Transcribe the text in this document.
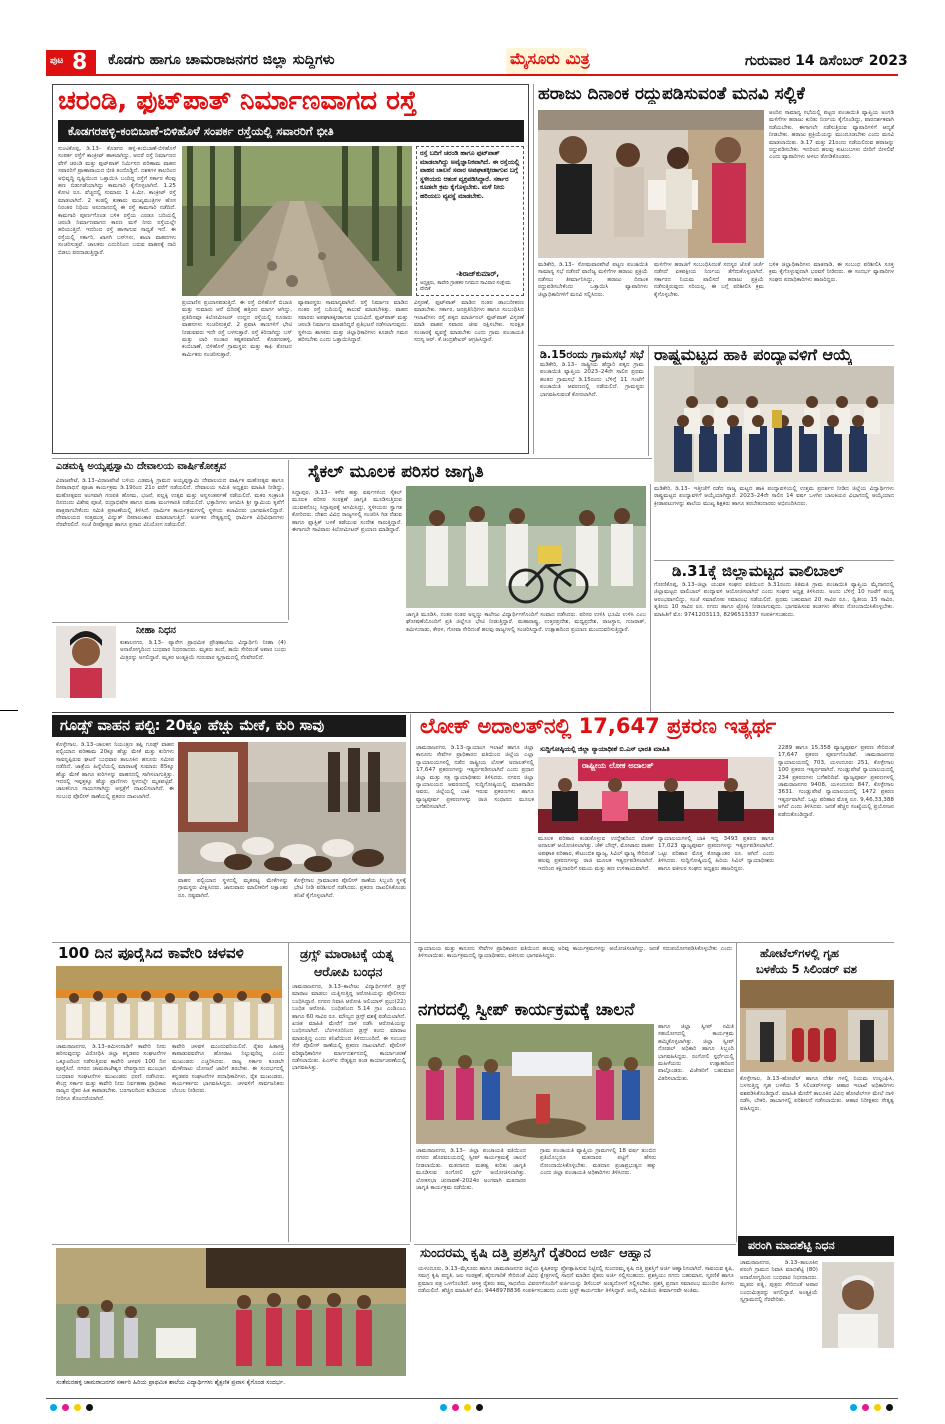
ಪುಟ 8 ಕೊಡಗು ಹಾಗೂ ಚಾಮರಾಜನಗರ ಜಿಲ್ಲಾ ಸುದ್ದಿಗಳು	ಮೈಸೂರು ಮಿತ್ರ	ಗುರುವಾರ 14 ಡಿಸೆಂಬರ್ 2023
ಚರಂಡಿ, ಫುಟ್‌ಪಾತ್ ನಿರ್ಮಾಣವಾಗದ ರಸ್ತೆ
ಕೊಡಗರಹಳ್ಳಿ-ಕಂಬಿಬಾಣೆ-ಬಿಳಿಹೊಳೆ ಸಂಪರ್ಕ ರಸ್ತೆಯಲ್ಲಿ ಸವಾರರಿಗೆ ಭೀತಿ
ಸುಂಟಿಕೊಪ್ಪ, ಡಿ.13– ಕೊಡಗರ ಹಳ್ಳಿ-ಕಂಬಿಬಾಣೆ-ಬಿಳಿಹೊಳೆ ಸಂಪರ್ಕ ರಸ್ತೆಗೆ ಕಾಂಕ್ರೀಟ್ ಹಾಕಲಾಗಿದ್ದು, ಆದರೆ ರಸ್ತೆ ನಿರ್ಮಾಣದ ವೇಳೆ ಚರಂಡಿ ಮತ್ತು ಫುಟ್‌ಪಾತ್ ನಿರ್ಮಿಸದ ಪರಿಣಾಮ ವಾಹನ ಸವಾರರಿಗೆ ಪ್ರಾಣಾಪಾಯದ ಭೀತಿ ತಂದೊಡ್ಡಿದೆ. ದಶಕಗಳ ಕಾಲದಿಂದ ಅಭಿವೃದ್ಧಿ ದೃಷ್ಟಿಯಿಂದ ಒತ್ತಾಯಿಸಿ ಬಂದಿದ್ದ ರಸ್ತೆಗೆ ಸರ್ಕಾರ ಕೆಲವು ಹಣ ಬಿಡುಗಡೆಯಾಗಿದ್ದು ಕಾಮಗಾರಿ ಕೈಗೊಳ್ಳಲಾಗಿದೆ. 1.25 ಕೋಟಿ ರೂ. ವೆಚ್ಚದಲ್ಲಿ ಸುಮಾರು 1 ಕಿ.ಮೀ. ಕಾಂಕ್ರೀಟ್ ರಸ್ತೆ ಮಾಡಲಾಗಿದೆ. 2 ಕಂಡಲ್ಲಿ ಕುಣಾರು ಮುಖ್ಯಮಂತ್ರಿಗಳ ಹೊಸ ನಿರಂತರ ನಿಧಿಯ ಅನುದಾನದಲ್ಲಿ ಈ ರಸ್ತೆ ಕಾಮಗಾರಿ ನಡೆದಿದೆ. ಕಾಮಗಾರಿ ಪೂರ್ಣಗೊಂಡ ಬಳಿಕ ರಸ್ತೆಯ ಎರಡೂ ಬದಿಯಲ್ಲಿ ಚರಂಡಿ ನಿರ್ಮಾಣವಾಗದ ಕಾರಣ ಮಳೆ ನೀರು ರಸ್ತೆಯಲ್ಲೇ ಹರಿಯುತ್ತಿದೆ. ಇದರಿಂದ ರಸ್ತೆ ಹಾಳಾಗುವ ಸಾಧ್ಯತೆ ಇದೆ. ಈ ರಸ್ತೆಯಲ್ಲಿ ಸರ್ಕಾರಿ, ಖಾಸಗಿ ಬಸ್‌ಗಳು, ಶಾಲಾ ವಾಹನಗಳು ಸಂಚರಿಸುತ್ತವೆ. ಚಾಲಕರು ಎದುರಿನಿಂದ ಬರುವ ವಾಹನಕ್ಕೆ ದಾರಿ ಬಿಡಲು ಪರದಾಡುತ್ತಿದ್ದಾರೆ.
ರಸ್ತೆ ಬದಿಗೆ ಚರಂಡಿ ಹಾಗೂ ಫುಟ್‌ಪಾತ್ ಮಾಡಲಾಗಿದ್ದು ಅವೈಜ್ಞಾನಿಕವಾಗಿದೆ. ಈ ರಸ್ತೆಯಲ್ಲಿ ವಾಹನ ಚಾಲನೆ ಸವಾರ ಅಪಘಾತಕ್ಕೀಡಾಗುವ ಬಗ್ಗೆ ಸ್ಥಳೀಯರು ಆತಂಕ ವ್ಯಕ್ತಪಡಿಸಿದ್ದಾರೆ. ಸರ್ಕಾರ ಕೂಡಲೇ ಕ್ರಮ ಕೈಗೊಳ್ಳಬೇಕು. ಮಳೆ ನೀರು ಹರಿಯಲು ವ್ಯವಸ್ಥೆ ಮಾಡಬೇಕು.
-ಶಿರಾಜ್‌ಕುಮಾರ್,
ಅಧ್ಯಕ್ಷರು, ಕಾವೇರಿ ಗ್ರಾಹಕರ ನಿಗಮದ ಸಾವಿರಾರ ಸಂಕ್ಷೇಮ ವೇದಿಕೆ
ಪ್ರಯಾಣಿಸ ಪ್ರಯಾಸಪಡುತ್ತಿದೆ. ಈ ರಸ್ತೆ ಬಿಳಿಹೊಳೆ ಬಿಬಾಜಿ ಮತ್ತು ಸುಮಾರು ಆನೆ ಬಿದಿರಕ್ಕೆ ಹತ್ತಿರದ ಮಾರ್ಗ ಆಗಿದ್ದು, ಪ್ರತಿದಿನವೂ ಕಿಲೋಮೀಟರ್ ಉದ್ದದ ರಸ್ತೆಯಲ್ಲಿ ನೂರಾರು ವಾಹನಗಳು ಸಂಚರಿಸುತ್ತವೆ. 2 ಪ್ರವಾಸಿ ತಾಣಗಳಿಗೆ ಭೇಟಿ ನೀಡುವವರು ಇದೇ ರಸ್ತೆ ಬಳಸುತ್ತಾರೆ. ರಸ್ತೆ ಕಿರಿದಾಗಿದ್ದು ಬಸ್ ಮತ್ತು ಲಾರಿ ಸಂಚಾರ ಕಷ್ಟಕರವಾಗಿದೆ. ಕೊಡಗರಹಳ್ಳಿ, ಕಂಬಿಬಾಣೆ, ಬಿಳಿಹೊಳೆ ಗ್ರಾಮಸ್ಥರು ಮತ್ತು ಕಾಫಿ ತೋಟದ ಕಾರ್ಮಿಕರು ಸಂಚರಿಸುತ್ತಾರೆ.
ವ್ಯಾಪಾರಸ್ಥರು ಸಾಮಾನ್ಯವಾಗಿದೆ. ರಸ್ತೆ ನಿರ್ಮಾಣ ಮಾಡಿದ ನಂತರ ರಸ್ತೆ ಬದಿಯಲ್ಲಿ ಕಾಲುವೆ ಮಾಡಬೇಕಿತ್ತು, ವಾಹನ ಸವಾರರು ಅಪಘಾತಕ್ಕೀಡಾಗುವ ಭಯವಿದೆ. ಫುಟ್‌ಪಾತ್ ಮತ್ತು ಚರಂಡಿ ನಿರ್ಮಾಣ ಮಾಡದಿದ್ದರೆ ಪ್ರತಿಭಟನೆ ನಡೆಸಲಾಗುವುದು. ಸ್ಥಳೀಯ ಶಾಸಕರು ಮತ್ತು ಜಿಲ್ಲಾಧಿಕಾರಿಗಳು ಕೂಡಲೇ ಗಮನ ಹರಿಸಬೇಕು ಎಂದು ಒತ್ತಾಯಿಸಿದ್ದಾರೆ.
ವಿಸ್ತರಣೆ, ಫುಟ್‌ಪಾತ್ ಮಾಡಿದ ನಂತರ ಡಾಂಬರೀಕರಣ ಮಾಡಬೇಕು. ಸರ್ಕಾರ, ಜನಪ್ರತಿನಿಧಿಗಳು ಹಾಗೂ ಸಂಬಂಧಿಸಿದ ಇಲಾಖೆಗಳು ರಸ್ತೆ ಪಕ್ಕದ ಮಾರ್ಜಿನಲ್ ಫುಟ್‌ಪಾತ್ ವಿಸ್ತರಣೆ ಮಾಡಿ ವಾಹನ ಸವಾರರ ಜೀವ ರಕ್ಷಿಸಬೇಕು. ಸುರಕ್ಷಿತ ಸಂಚಾರಕ್ಕೆ ವ್ಯವಸ್ಥೆ ಮಾಡಬೇಕು ಎಂದು ಗ್ರಾಮ ಪಂಚಾಯತಿ ಸದಸ್ಯ ಆರ್. ಕೆ.ಚಂದ್ರಶೇಖರ್ ಆಗ್ರಹಿಸಿದ್ದಾರೆ.
ಹರಾಜು ದಿನಾಂಕ ರದ್ದುಪಡಿಸುವಂತೆ ಮನವಿ ಸಲ್ಲಿಕೆ
ಆಂದಿನ ಸಾಮಾನ್ಯ ಸಭೆಯಲ್ಲಿ ಪಟ್ಟಣ ಪಂಚಾಯಿತಿ ವ್ಯಾಪ್ತಿಯ ಅಂಗಡಿ ಮಳಿಗೆಗಳ ಹರಾಜು ಕುರಿತು ನಿರ್ಣಯ ಕೈಗೊಂಡಿದ್ದು, ಪಾರದರ್ಶಕವಾಗಿ ನಡೆಯಬೇಕು. ಈಗಾಗಲೇ ನಡೆಸುತ್ತಿರುವ ವ್ಯಾಪಾರಿಗಳಿಗೆ ಆದ್ಯತೆ ನೀಡಬೇಕು. ಹರಾಜು ಪ್ರಕ್ರಿಯೆಯನ್ನು ಮುಂದೂಡಬೇಕು ಎಂದು ಮನವಿ ಮಾಡಲಾಯಿತು. ಡಿ.17 ಮತ್ತು 21ರಂದು ನಡೆಯಲಿರುವ ಹರಾಜನ್ನು ರದ್ದುಪಡಿಸಬೇಕು. ಇದರಿಂದ ಹಲವು ಕುಟುಂಬಗಳು ಬೀದಿಗೆ ಬೀಳಲಿವೆ ಎಂದು ವ್ಯಾಪಾರಿಗಳು ಅಳಲು ತೋಡಿಕೊಂಡರು.
ಮಡಿಕೇರಿ, ಡಿ.13– ಸೋಮವಾರಪೇಟೆ ಪಟ್ಟಣ ಪಂಚಾಯಿತಿ ಸಾಮಾನ್ಯ ಸಭೆ ನಡೆಸದೆ ವಾಣಿಜ್ಯ ಮಳಿಗೆಗಳ ಹರಾಜು ಪ್ರಕ್ರಿಯೆ ನಡೆಸಲು ತೀರ್ಮಾನಿಸಿದ್ದು, ಹರಾಜು ದಿನಾಂಕ ರದ್ದುಪಡಿಸಬೇಕೆಂದು ಒತ್ತಾಯಿಸಿ ವ್ಯಾಪಾರಿಗಳು ಜಿಲ್ಲಾಧಿಕಾರಿಗಳಿಗೆ ಮನವಿ ಸಲ್ಲಿಸಿದರು.
ಮಳಿಗೆಗಳ ಹರಾಜಿಗೆ ಸಂಬಂಧಿಸಿದಂತೆ ಸದಸ್ಯರ ಜೊತೆ ಚರ್ಚೆ ನಡೆಸದೆ ಏಕಪಕ್ಷೀಯ ನಿರ್ಣಯ ತೆಗೆದುಕೊಳ್ಳಲಾಗಿದೆ. ಸರ್ಕಾರದ ನಿಯಮ ಪಾಲಿಸದೆ ಹರಾಜು ಪ್ರಕ್ರಿಯೆ ನಡೆಸುತ್ತಿರುವುದು ಸರಿಯಲ್ಲ. ಈ ಬಗ್ಗೆ ಪರಿಶೀಲಿಸಿ ಕ್ರಮ ಕೈಗೊಳ್ಳಬೇಕು.
ಬಳಿಕ ಜಿಲ್ಲಾಧಿಕಾರಿಗಳು ಮಾತನಾಡಿ, ಈ ಸಂಬಂಧ ಪರಿಶೀಲಿಸಿ ಸೂಕ್ತ ಕ್ರಮ ಕೈಗೊಳ್ಳುವುದಾಗಿ ಭರವಸೆ ನೀಡಿದರು. ಈ ಸಂದರ್ಭ ವ್ಯಾಪಾರಿಗಳ ಸಂಘದ ಪದಾಧಿಕಾರಿಗಳು ಹಾಜರಿದ್ದರು.
ಡಿ.15ರಂದು ಗ್ರಾಮಸಭೆ ಸಭೆ
ಮಡಿಕೇರಿ, ಡಿ.13– ರಾಷ್ಟ್ರೀಯ ಹೆದ್ದಾರಿ ಪಕ್ಕದ ಗ್ರಾಮ ಪಂಚಾಯಿತಿ ವ್ಯಾಪ್ತಿಯ 2023–24ನೇ ಸಾಲಿನ ಪ್ರಥಮ ಹಂತದ ಗ್ರಾಮಸಭೆ ಡಿ.15ರಂದು ಬೆಳಿಗ್ಗೆ 11 ಗಂಟೆಗೆ ಪಂಚಾಯಿತಿ ಆವರಣದಲ್ಲಿ ನಡೆಯಲಿದೆ. ಗ್ರಾಮಸ್ಥರು ಭಾಗವಹಿಸುವಂತೆ ಕೋರಲಾಗಿದೆ.
ರಾಷ್ಟ್ರಮಟ್ಟದ ಹಾಕಿ ಪಂದ್ಯಾವಳಿಗೆ ಆಯ್ಕೆ
ಎಡಮಕ್ಕಿ ಅಯ್ಯಪ್ಪಸ್ವಾಮಿ ದೇವಾಲಯ ವಾರ್ಷಿಕೋತ್ಸವ
ವಿರಾಜಪೇಟೆ, ಡಿ.13–ವಿರಾಜಪೇಟೆ ಬಳಿಯ ಎಡಮಕ್ಕಿ ಗ್ರಾಮದ ಅಯ್ಯಪ್ಪಸ್ವಾಮಿ ದೇವಾಲಯದ ವಾರ್ಷಿಕ ಮಹೋತ್ಸವ ಹಾಗೂ ದೀಪಾರಾಧನೆ ಪೂಜಾ ಕಾರ್ಯಕ್ರಮ ಡಿ.19ರಿಂದ 21ರ ವರೆಗೆ ನಡೆಯಲಿದೆ. ದೇವಾಲಯ ಸಮಿತಿ ಅಧ್ಯಕ್ಷರು ಮಾಹಿತಿ ನೀಡಿದ್ದು, ಮಹೋತ್ಸವದ ಅಂಗವಾಗಿ ಗಣಪತಿ ಹೋಮ, ಭಜನೆ, ಪಲ್ಲಕ್ಕಿ ಉತ್ಸವ ಮತ್ತು ಅನ್ನಸಂತರ್ಪಣೆ ನಡೆಯಲಿದೆ. ಮಕರ ಸಂಕ್ರಾಂತಿ ದಿನದಂದು ವಿಶೇಷ ಪೂಜೆ, ರುದ್ರಾಭಿಷೇಕ ಹಾಗೂ ಮಹಾ ಮಂಗಳಾರತಿ ನಡೆಯಲಿದೆ. ಭಕ್ತಾದಿಗಳು ಆಗಮಿಸಿ ಶ್ರೀ ಸ್ವಾಮಿಯ ಕೃಪೆಗೆ ಪಾತ್ರರಾಗಬೇಕೆಂದು ಸಮಿತಿ ಪ್ರಕಟಣೆಯಲ್ಲಿ ತಿಳಿಸಿದೆ. ಧಾರ್ಮಿಕ ಕಾರ್ಯಕ್ರಮಗಳಲ್ಲಿ ಸ್ಥಳೀಯ ಕಲಾವಿದರು ಭಾಗವಹಿಸಲಿದ್ದಾರೆ. ದೇವಾಲಯದ ಸುತ್ತಮುತ್ತ ವಿದ್ಯುತ್ ದೀಪಾಲಂಕಾರ ಮಾಡಲಾಗುತ್ತಿದೆ. ಅರ್ಚಕರ ನೇತೃತ್ವದಲ್ಲಿ ಧಾರ್ಮಿಕ ವಿಧಿವಿಧಾನಗಳು ನೆರವೇರಲಿದೆ. ಸಂಜೆ ದೀಪೋತ್ಸವ ಹಾಗೂ ಪ್ರಸಾದ ವಿನಿಯೋಗ ನಡೆಯಲಿದೆ.
ನೀಹಾ ನಿಧನ
ಕುಶಾಲನಗರ, ಡಿ.13– ಪ್ಯಾರೇಗ ಪ್ರಾಥಮಿಕ ಪ್ರೌಢಶಾಲೆಯ ವಿದ್ಯಾರ್ಥಿನಿ ನೀಹಾ (4) ಅನಾರೋಗ್ಯದಿಂದ ಬುಧವಾರ ನಿಧನರಾದರು. ಮೃತರು ತಂದೆ, ತಾಯಿ ಸೇರಿದಂತೆ ಅಪಾರ ಬಂಧು ಮಿತ್ರರನ್ನು ಅಗಲಿದ್ದಾರೆ. ಮೃತರ ಅಂತ್ಯಕ್ರಿಯೆ ಗುರುವಾರ ಸ್ವಗ್ರಾಮದಲ್ಲಿ ನೆರವೇರಲಿದೆ.
ಸೈಕಲ್ ಮೂಲಕ ಪರಿಸರ ಜಾಗೃತಿ
ಸಿದ್ದಾಪುರ, ಡಿ.13– ಕಳೆದ ಹತ್ತು ವರ್ಷಗಳಿಂದ ಸೈಕಲ್ ಮೂಲಕ ಪರಿಸರ ಸಂರಕ್ಷಣೆ ಜಾಗೃತಿ ಮೂಡಿಸುತ್ತಿರುವ ಯುವಕನೊಬ್ಬ ಸಿದ್ದಾಪುರಕ್ಕೆ ಆಗಮಿಸಿದ್ದು, ಸ್ಥಳೀಯರು ಸ್ವಾಗತ ಕೋರಿದರು. ದೇಶದ ವಿವಿಧ ರಾಜ್ಯಗಳಲ್ಲಿ ಸಂಚರಿಸಿ ಗಿಡ ನೆಡುವ ಹಾಗೂ ಪ್ಲಾಸ್ಟಿಕ್ ಬಳಕೆ ತಡೆಯುವ ಸಂದೇಶ ಸಾರುತ್ತಿದ್ದಾರೆ. ಈಗಾಗಲೇ ಸಾವಿರಾರು ಕಿಲೋಮೀಟರ್ ಪ್ರಯಾಣ ಮಾಡಿದ್ದಾರೆ.
ಜಾಗೃತಿ ಮೂಡಿಸಿ, ನಂತರ ನಂತರ ಅಲ್ಲದ್ದು ಕಾಲೇಜು ವಿದ್ಯಾರ್ಥಿಗಳೊಂದಿಗೆ ಸಂವಾದ ನಡೆಸಿದರು. ಪರಿಸರ ಉಳಿಸಿ ಭೂಮಿ ಉಳಿಸಿ ಎಂಬ ಘೋಷಣೆಯೊಂದಿಗೆ ಪ್ರತಿ ಜಿಲ್ಲೆಗೂ ಭೇಟಿ ನೀಡುತ್ತಿದ್ದಾರೆ. ಮಹಾರಾಷ್ಟ್ರ, ಉತ್ತರಪ್ರದೇಶ, ಮಧ್ಯಪ್ರದೇಶ, ರಾಜಸ್ಥಾನ, ಗುಜರಾತ್, ತಮಿಳುನಾಡು, ಕೇರಳ, ಗೋವಾ ಸೇರಿದಂತೆ ಹಲವು ರಾಜ್ಯಗಳಲ್ಲಿ ಸಂಚರಿಸಿದ್ದಾರೆ. ಉತ್ಸಾಹದಿಂದ ಪ್ರಯಾಣ ಮುಂದುವರಿಸುತ್ತಿದ್ದಾರೆ.
ಮಡಿಕೇರಿ, ಡಿ.13– ಇತ್ತೀಚೆಗೆ ನಡೆದ ರಾಜ್ಯ ಮಟ್ಟದ ಹಾಕಿ ಪಂದ್ಯಾವಳಿಯಲ್ಲಿ ಉತ್ತಮ ಪ್ರದರ್ಶನ ನೀಡಿದ ಜಿಲ್ಲೆಯ ವಿದ್ಯಾರ್ಥಿಗಳು ರಾಷ್ಟ್ರಮಟ್ಟದ ಪಂದ್ಯಾವಳಿಗೆ ಆಯ್ಕೆಯಾಗಿದ್ದಾರೆ. 2023–24ನೇ ಸಾಲಿನ 14 ವರ್ಷ ಒಳಗಿನ ಬಾಲಕಿಯರ ವಿಭಾಗದಲ್ಲಿ ಆಯ್ಕೆಯಾದ ಕ್ರೀಡಾಪಟುಗಳನ್ನು ಶಾಲೆಯ ಮುಖ್ಯ ಶಿಕ್ಷಕರು ಹಾಗೂ ತರಬೇತುದಾರರು ಅಭಿನಂದಿಸಿದರು.
ಡಿ.31ಕ್ಕೆ ಜಿಲ್ಲಾಮಟ್ಟದ ವಾಲಿಬಾಲ್
ಗೋಣಿಕೊಪ್ಪ, ಡಿ.13–ಜಿಲ್ಲಾ ಯುವಕ ಸಂಘದ ವತಿಯಿಂದ ಡಿ.31ರಂದು ತಿತಿಮತಿ ಗ್ರಾಮ ಪಂಚಾಯಿತಿ ವ್ಯಾಪ್ತಿಯ ಮೈದಾನದಲ್ಲಿ ಜಿಲ್ಲಾಮಟ್ಟದ ವಾಲಿಬಾಲ್ ಪಂದ್ಯಾವಳಿ ಆಯೋಜಿಸಲಾಗಿದೆ ಎಂದು ಸಂಘದ ಅಧ್ಯಕ್ಷ ತಿಳಿಸಿದರು. ಅಂದು ಬೆಳಿಗ್ಗೆ 10 ಗಂಟೆಗೆ ಪಂದ್ಯ ಆರಂಭವಾಗಲಿದ್ದು, ಸಂಜೆ ಸಮಾರೋಪ ಸಮಾರಂಭ ನಡೆಯಲಿದೆ. ಪ್ರಥಮ ಬಹುಮಾನ 20 ಸಾವಿರ ರೂ., ದ್ವಿತೀಯ 15 ಸಾವಿರ, ತೃತೀಯ 10 ಸಾವಿರ ರೂ. ನಗದು ಹಾಗೂ ಟ್ರೋಫಿ ನೀಡಲಾಗುವುದು. ಭಾಗವಹಿಸುವ ತಂಡಗಳು ಹೆಸರು ನೋಂದಾಯಿಸಿಕೊಳ್ಳಬೇಕು. ಮಾಹಿತಿಗೆ ಮೊ: 9741203113, 8296513337 ಸಂಪರ್ಕಿಸಬಹುದು.
ಗೂಡ್ಸ್ ವಾಹನ ಪಲ್ಟಿ: 20ಕ್ಕೂ ಹೆಚ್ಚು ಮೇಕೆ, ಕುರಿ ಸಾವು
ಕೊಳ್ಳೇಗಾಲ, ಡಿ.13–ಚಾಲಕನ ನಿಯಂತ್ರಣ ತಪ್ಪಿ ಗೂಡ್ಸ್ ವಾಹನ ಪಲ್ಟಿಯಾದ ಪರಿಣಾಮ 20ಕ್ಕೂ ಹೆಚ್ಚು ಮೇಕೆ ಮತ್ತು ಕುರಿಗಳು ಸಾವನ್ನಪ್ಪಿರುವ ಘಟನೆ ಬುಧವಾರ ತಾಲೂಕಿನ ಹನೂರು ಸಮೀಪ ನಡೆದಿದೆ. ಜಾತ್ರೆಯ ಹಿನ್ನೆಲೆಯಲ್ಲಿ ಮಾರಾಟಕ್ಕೆ ಸುಮಾರು 85ಕ್ಕೂ ಹೆಚ್ಚು ಮೇಕೆ ಹಾಗೂ ಕುರಿಗಳನ್ನು ವಾಹನದಲ್ಲಿ ಸಾಗಿಸಲಾಗುತ್ತಿತ್ತು. ಇದರಲ್ಲಿ ಇಪ್ಪತ್ತಕ್ಕೂ ಹೆಚ್ಚು ಪ್ರಾಣಿಗಳು ಸ್ಥಳದಲ್ಲೇ ಮೃತಪಟ್ಟಿವೆ. ಚಾಲಕನಿಗೂ ಗಾಯಗಳಾಗಿದ್ದು ಆಸ್ಪತ್ರೆಗೆ ದಾಖಲಿಸಲಾಗಿದೆ. ಈ ಸಂಬಂಧ ಪೊಲೀಸ್ ಠಾಣೆಯಲ್ಲಿ ಪ್ರಕರಣ ದಾಖಲಾಗಿದೆ.
ವಾಹನ ಪಲ್ಟಿಯಾದ ಸ್ಥಳದಲ್ಲಿ ಮೃತಪಟ್ಟ ಮೇಕೆಗಳನ್ನು ಗ್ರಾಮಸ್ಥರು ವೀಕ್ಷಿಸಿದರು. ಜಾನುವಾರು ಮಾಲೀಕರಿಗೆ ಲಕ್ಷಾಂತರ ರೂ. ನಷ್ಟವಾಗಿದೆ.
ಕೊಳ್ಳೇಗಾಲ ಗ್ರಾಮಾಂತರ ಪೊಲೀಸ್ ಠಾಣೆಯ ಸಿಬ್ಬಂದಿ ಸ್ಥಳಕ್ಕೆ ಭೇಟಿ ನೀಡಿ ಪರಿಶೀಲನೆ ನಡೆಸಿದರು. ಪ್ರಕರಣ ದಾಖಲಿಸಿಕೊಂಡು ತನಿಖೆ ಕೈಗೊಳ್ಳಲಾಗಿದೆ.
ಲೋಕ್ ಅದಾಲತ್‌ನಲ್ಲಿ 17,647 ಪ್ರಕರಣ ಇತ್ಯರ್ಥ
ಚಾಮರಾಜನಗರ, ಡಿ.13–ನ್ಯಾಯಾಂಗ ಇಲಾಖೆ ಹಾಗೂ ಜಿಲ್ಲಾ ಕಾನೂನು ಸೇವೆಗಳ ಪ್ರಾಧಿಕಾರದ ವತಿಯಿಂದ ಜಿಲ್ಲೆಯ ಎಲ್ಲಾ ನ್ಯಾಯಾಲಯಗಳಲ್ಲಿ ನಡೆದ ರಾಷ್ಟ್ರೀಯ ಲೋಕ್ ಅದಾಲತ್‌ನಲ್ಲಿ 17,647 ಪ್ರಕರಣಗಳನ್ನು ಇತ್ಯರ್ಥಪಡಿಸಲಾಗಿದೆ ಎಂದು ಪ್ರಧಾನ ಜಿಲ್ಲಾ ಮತ್ತು ಸತ್ರ ನ್ಯಾಯಾಧೀಶರು ತಿಳಿಸಿದರು. ನಗರದ ಜಿಲ್ಲಾ ನ್ಯಾಯಾಲಯದ ಆವರಣದಲ್ಲಿ ಸುದ್ದಿಗೋಷ್ಠಿಯಲ್ಲಿ ಮಾತನಾಡಿದ ಅವರು, ಜಿಲ್ಲೆಯಲ್ಲಿ ಬಾಕಿ ಇರುವ ಪ್ರಕರಣಗಳು ಹಾಗೂ ವ್ಯಾಜ್ಯಪೂರ್ವ ಪ್ರಕರಣಗಳನ್ನು ರಾಜಿ ಸಂಧಾನದ ಮೂಲಕ ಬಗೆಹರಿಸಲಾಗಿದೆ.
ಸುದ್ದಿಗೋಷ್ಠಿಯಲ್ಲಿ ಜಿಲ್ಲಾ ನ್ಯಾಯಾಧೀಶೆ ಬಿ.ಎಸ್ ಭಾರತಿ ಮಾಹಿತಿ
ರಾಷ್ಟ್ರೀಯ ಲೋಕ ಅದಾಲತ್
ಮೂಲಕ ಪರಿಹಾರ ಕಂಡುಕೊಳ್ಳುವ ಉದ್ದೇಶದಿಂದ ಲೋಕ್ ಅದಾಲತ್ ಆಯೋಜಿಸಲಾಗಿತ್ತು. ಚೆಕ್ ಬೌನ್ಸ್, ಮೋಟಾರು ವಾಹನ ಅಪಘಾತ ಪರಿಹಾರ, ಕೌಟುಂಬಿಕ ವ್ಯಾಜ್ಯ, ಸಿವಿಲ್ ವ್ಯಾಜ್ಯ ಸೇರಿದಂತೆ ಹಲವು ಪ್ರಕರಣಗಳನ್ನು ರಾಜಿ ಮೂಲಕ ಇತ್ಯರ್ಥಪಡಿಸಲಾಗಿದೆ. ಇದರಿಂದ ಕಕ್ಷಿದಾರರಿಗೆ ಸಮಯ ಮತ್ತು ಹಣ ಉಳಿತಾಯವಾಗಿದೆ.
ನ್ಯಾಯಾಲಯಗಳಲ್ಲಿ ಬಾಕಿ ಇದ್ದ 3493 ಪ್ರಕರಣ ಹಾಗೂ 17,023 ವ್ಯಾಜ್ಯಪೂರ್ವ ಪ್ರಕರಣಗಳನ್ನು ಇತ್ಯರ್ಥಪಡಿಸಲಾಗಿದೆ. ಒಟ್ಟು ಪರಿಹಾರ ಮೊತ್ತ ಕೋಟ್ಯಾಂತರ ರೂ. ಆಗಿದೆ ಎಂದು ತಿಳಿಸಿದರು. ಸುದ್ದಿಗೋಷ್ಠಿಯಲ್ಲಿ ಹಿರಿಯ ಸಿವಿಲ್ ನ್ಯಾಯಾಧೀಶರು ಹಾಗೂ ವಕೀಲರ ಸಂಘದ ಅಧ್ಯಕ್ಷರು ಹಾಜರಿದ್ದರು.
2289 ಹಾಗೂ 15,358 ವ್ಯಾಜ್ಯಪೂರ್ವ ಪ್ರಕರಣ ಸೇರಿದಂತೆ 17,647 ಪ್ರಕರಣ ಪೂರ್ಣಗೊಂಡಿವೆ. ಚಾಮರಾಜನಗರ ನ್ಯಾಯಾಲಯದಲ್ಲಿ 703, ಯಳಂದೂರು 251, ಕೊಳ್ಳೇಗಾಲ 100 ಪ್ರಕರಣ ಇತ್ಯರ್ಥವಾಗಿದೆ. ಗುಂಡ್ಲುಪೇಟೆ ನ್ಯಾಯಾಲಯದಲ್ಲಿ 234 ಪ್ರಕರಣಗಳು ಬಗೆಹರಿದಿವೆ. ವ್ಯಾಜ್ಯಪೂರ್ವ ಪ್ರಕರಣಗಳಲ್ಲಿ ಚಾಮರಾಜನಗರ 9408, ಯಳಂದೂರು 847, ಕೊಳ್ಳೇಗಾಲ 3631. ಗುಂಡ್ಲುಪೇಟೆ ನ್ಯಾಯಾಲಯದಲ್ಲಿ 1472 ಪ್ರಕರಣ ಇತ್ಯರ್ಥವಾಗಿದೆ. ಒಟ್ಟು ಪರಿಹಾರ ಮೊತ್ತ ರೂ. 9,46,33,388 ಆಗಿದೆ ಎಂದು ತಿಳಿಸಿದರು. ಜನತೆ ಹೆಚ್ಚಿನ ಸಂಖ್ಯೆಯಲ್ಲಿ ಪ್ರಯೋಜನ ಪಡೆದುಕೊಂಡಿದ್ದಾರೆ.
100 ದಿನ ಪೂರೈಸಿದ ಕಾವೇರಿ ಚಳವಳಿ
ಚಾಮರಾಜನಗರ, ಡಿ.13–ತಮಿಳುನಾಡಿಗೆ ಕಾವೇರಿ ನೀರು ಹರಿಸುವುದನ್ನು ವಿರೋಧಿಸಿ ಜಿಲ್ಲಾ ಕನ್ನಡಪರ ಸಂಘಟನೆಗಳ ಒಕ್ಕೂಟದಿಂದ ನಡೆಸುತ್ತಿರುವ ಕಾವೇರಿ ಚಳವಳಿ 100 ದಿನ ಪೂರೈಸಿದೆ. ನಗರದ ಚಾಮರಾಜೇಶ್ವರ ದೇವಸ್ಥಾನದ ಮುಂಭಾಗ ಬುಧವಾರ ಸಂಘಟನೆಗಳ ಮುಖಂಡರು ಧರಣಿ ನಡೆಸಿದರು. ಕೇಂದ್ರ ಸರ್ಕಾರ ಮತ್ತು ಕಾವೇರಿ ನೀರು ನಿರ್ವಹಣಾ ಪ್ರಾಧಿಕಾರ ರಾಜ್ಯದ ರೈತರ ಹಿತ ಕಾಪಾಡಬೇಕು. ಬರಗಾಲದಿಂದ ಕುಡಿಯುವ ನೀರಿಗೂ ತೊಂದರೆಯಾಗಿದೆ.
ಕಾವೇರಿ ಚಳವಳಿ ಮುಂದುವರಿಯಲಿದೆ. ರೈತರ ಹಿತಾಸಕ್ತಿ ಕಾಪಾಡುವವರೆಗೂ ಹೋರಾಟ ನಿಲ್ಲುವುದಿಲ್ಲ ಎಂದು ಮುಖಂಡರು ಎಚ್ಚರಿಸಿದರು. ರಾಜ್ಯ ಸರ್ಕಾರ ಕೂಡಲೇ ಮೇಕೆದಾಟು ಯೋಜನೆ ಜಾರಿಗೆ ತರಬೇಕು. ಈ ಸಂದರ್ಭದಲ್ಲಿ ಕನ್ನಡಪರ ಸಂಘಟನೆಗಳ ಪದಾಧಿಕಾರಿಗಳು, ರೈತ ಮುಖಂಡರು, ಕಾರ್ಯಕರ್ತರು ಭಾಗವಹಿಸಿದ್ದರು. ಚಳವಳಿಗೆ ಸಾರ್ವಜನಿಕರು ಬೆಂಬಲ ನೀಡಿದರು.
ಡ್ರಗ್ಸ್ ಮಾರಾಟಕ್ಕೆ ಯತ್ನ
ಆರೋಪಿ ಬಂಧನ
ಚಾಮರಾಜನಗರ, ಡಿ.13–ಕಾಲೇಜು ವಿದ್ಯಾರ್ಥಿಗಳಿಗೆ ಡ್ರಗ್ಸ್ ಮಾರಾಟ ಮಾಡಲು ಯತ್ನಿಸುತ್ತಿದ್ದ ಆರೋಪಿಯನ್ನು ಪೊಲೀಸರು ಬಂಧಿಸಿದ್ದಾರೆ. ನಗರದ ನಿವಾಸಿ ಆರೋಪಿ ಅಲಿಯಾಸ್ ಪ್ರಭು(22) ಬಂಧಿತ ಆರೋಪಿ. ಬಂಧಿತನಿಂದ 5.14 ಗ್ರಾಂ ಎಂಡಿಎಂಎ ಹಾಗೂ 60 ಸಾವಿರ ರೂ. ಮೌಲ್ಯದ ಡ್ರಗ್ಸ್ ವಶಕ್ಕೆ ಪಡೆಯಲಾಗಿದೆ. ಖಚಿತ ಮಾಹಿತಿ ಮೇರೆಗೆ ದಾಳಿ ನಡೆಸಿ ಆರೋಪಿಯನ್ನು ಬಂಧಿಸಲಾಗಿದೆ. ಬೆಂಗಳೂರಿನಿಂದ ಡ್ರಗ್ಸ್ ತಂದು ಮಾರಾಟ ಮಾಡುತ್ತಿದ್ದ ಎಂದು ತನಿಖೆಯಿಂದ ತಿಳಿದುಬಂದಿದೆ. ಈ ಸಂಬಂಧ ಸೆನ್ ಪೊಲೀಸ್ ಠಾಣೆಯಲ್ಲಿ ಪ್ರಕರಣ ದಾಖಲಾಗಿದೆ. ಪೊಲೀಸ್ ವರಿಷ್ಠಾಧಿಕಾರಿಗಳ ಮಾರ್ಗದರ್ಶನದಲ್ಲಿ ಕಾರ್ಯಾಚರಣೆ ನಡೆಸಲಾಯಿತು. ಪಿಎಸ್‌ಐ ನೇತೃತ್ವದ ತಂಡ ಕಾರ್ಯಾಚರಣೆಯಲ್ಲಿ ಭಾಗವಹಿಸಿತ್ತು.
ನಗರದಲ್ಲಿ ಸ್ವೀಪ್ ಕಾರ್ಯಕ್ರಮಕ್ಕೆ ಚಾಲನೆ
ನ್ಯಾಯಾಲಯ ಮತ್ತು ಕಾನೂನು ಸೇವೆಗಳ ಪ್ರಾಧಿಕಾರದ ವತಿಯಿಂದ ಹಲವು ಅರಿವು ಕಾರ್ಯಕ್ರಮಗಳನ್ನು ಆಯೋಜಿಸಲಾಗಿದ್ದು, ಜನತೆ ಸದುಪಯೋಗಪಡಿಸಿಕೊಳ್ಳಬೇಕು ಎಂದು ತಿಳಿಸಲಾಯಿತು. ಕಾರ್ಯಕ್ರಮದಲ್ಲಿ ನ್ಯಾಯಾಧೀಶರು, ವಕೀಲರು ಭಾಗವಹಿಸಿದ್ದರು.
ಚಾಮರಾಜನಗರ, ಡಿ.13– ಜಿಲ್ಲಾ ಪಂಚಾಯತಿ ವತಿಯಿಂದ ನಗರದ ಹೊರವಲಯದಲ್ಲಿ ಸ್ವೀಪ್ ಕಾರ್ಯಕ್ರಮಕ್ಕೆ ಚಾಲನೆ ನೀಡಲಾಯಿತು. ಮತದಾನದ ಮಹತ್ವ ಕುರಿತು ಜಾಗೃತಿ ಮೂಡಿಸುವ ರಂಗೋಲಿ ಸ್ಪರ್ಧೆ ಆಯೋಜಿಸಲಾಗಿತ್ತು. ಲೋಕಸಭಾ ಚುನಾವಣೆ–2024ರ ಅಂಗವಾಗಿ ಮತದಾರರ ಜಾಗೃತಿ ಕಾರ್ಯಕ್ರಮ ನಡೆಯಿತು.
ಗ್ರಾಮ ಪಂಚಾಯತಿ ವ್ಯಾಪ್ತಿಯ ಗ್ರಾಮಗಳಲ್ಲಿ 18 ವರ್ಷ ತುಂಬಿದ ಪ್ರತಿಯೊಬ್ಬರೂ ಮತದಾರರ ಪಟ್ಟಿಗೆ ಹೆಸರು ನೋಂದಾಯಿಸಿಕೊಳ್ಳಬೇಕು. ಮತದಾನ ಪ್ರಜಾಪ್ರಭುತ್ವದ ಹಕ್ಕು ಎಂದು ಜಿಲ್ಲಾ ಪಂಚಾಯತಿ ಅಧಿಕಾರಿಗಳು ತಿಳಿಸಿದರು.
ಹಾಗೂ ಜಿಲ್ಲಾ ಸ್ವೀಪ್ ಸಮಿತಿ ಸಹಯೋಗದಲ್ಲಿ ಕಾರ್ಯಕ್ರಮ ಹಮ್ಮಿಕೊಳ್ಳಲಾಗಿತ್ತು. ಜಿಲ್ಲಾ ಸ್ವೀಪ್ ನೋಡಲ್ ಅಧಿಕಾರಿ ಹಾಗೂ ಸಿಬ್ಬಂದಿ ಭಾಗವಹಿಸಿದ್ದರು. ರಂಗೋಲಿ ಸ್ಪರ್ಧೆಯಲ್ಲಿ ಮಹಿಳೆಯರು ಉತ್ಸಾಹದಿಂದ ಪಾಲ್ಗೊಂಡರು. ವಿಜೇತರಿಗೆ ಬಹುಮಾನ ವಿತರಿಸಲಾಯಿತು.
ಹೋಟೆಲ್‌ಗಳಲ್ಲಿ ಗೃಹ
ಬಳಕೆಯ 5 ಸಿಲಿಂಡರ್ ವಶ
ಕೊಳ್ಳೇಗಾಲ, ಡಿ.13–ಹೋಟೆಲ್ ಹಾಗೂ ದೇಶೀ ಗಳಲ್ಲಿ ನಿಯಮ ಉಲ್ಲಂಘಿಸಿ, ಬಳಸುತ್ತಿದ್ದ ಗೃಹ ಬಳಕೆಯ 5 ಸಿಲಿಂಡರ್‌ಗಳನ್ನು ಆಹಾರ ಇಲಾಖೆ ಅಧಿಕಾರಿಗಳು ವಶಪಡಿಸಿಕೊಂಡಿದ್ದಾರೆ. ಮಾಹಿತಿ ಮೇರೆಗೆ ತಾಲೂಕಿನ ವಿವಿಧ ಹೋಟೆಲ್‌ಗಳ ಮೇಲೆ ದಾಳಿ ನಡೆಸಿ, ಬೇಕರಿ, ಡಾಬಾಗಳಲ್ಲಿ ಪರಿಶೀಲನೆ ನಡೆಸಲಾಯಿತು. ಆಹಾರ ನಿರೀಕ್ಷಕರು ನೇತೃತ್ವ ವಹಿಸಿದ್ದರು.
ಸುಂದರಮ್ಮ ಕೃಷಿ ದತ್ತಿ ಪ್ರಶಸ್ತಿಗೆ ರೈತರಿಂದ ಅರ್ಜಿ ಆಹ್ವಾನ
ಯಳಂದೂರು, ಡಿ.13–ಮೈಸೂರು ಹಾಗೂ ಚಾಮರಾಜನಗರ ಜಿಲ್ಲೆಯ ಕೃಷಿಕರನ್ನು ಪ್ರೋತ್ಸಾಹಿಸುವ ನಿಟ್ಟಿನಲ್ಲಿ ಸುಂದರಮ್ಮ ಕೃಷಿ ದತ್ತಿ ಪ್ರಶಸ್ತಿಗೆ ಅರ್ಜಿ ಆಹ್ವಾನಿಸಲಾಗಿದೆ. ಸಾವಯವ ಕೃಷಿ, ಸಮಗ್ರ ಕೃಷಿ ಪದ್ಧತಿ, ಜಲ ಸಂರಕ್ಷಣೆ, ಹೈನುಗಾರಿಕೆ ಸೇರಿದಂತೆ ವಿವಿಧ ಕ್ಷೇತ್ರಗಳಲ್ಲಿ ಸಾಧನೆ ಮಾಡಿದ ರೈತರು ಅರ್ಜಿ ಸಲ್ಲಿಸಬಹುದು. ಪ್ರಶಸ್ತಿಯು ನಗದು ಬಹುಮಾನ, ಸ್ಮರಣಿಕೆ ಹಾಗೂ ಪ್ರಮಾಣ ಪತ್ರ ಒಳಗೊಂಡಿದೆ. ಆಸಕ್ತ ರೈತರು ತಮ್ಮ ಸಾಧನೆಯ ವಿವರಗಳೊಂದಿಗೆ ಅರ್ಜಿಯನ್ನು ಡಿಸೆಂಬರ್ ಅಂತ್ಯದೊಳಗೆ ಸಲ್ಲಿಸಬೇಕು. ಪ್ರಶಸ್ತಿ ಪ್ರದಾನ ಸಮಾರಂಭ ಮುಂದಿನ ತಿಂಗಳು ನಡೆಯಲಿದೆ. ಹೆಚ್ಚಿನ ಮಾಹಿತಿಗೆ ಮೊ: 9448978836 ಸಂಪರ್ಕಿಸಬಹುದು ಎಂದು ಟ್ರಸ್ಟ್ ಕಾರ್ಯದರ್ಶಿ ತಿಳಿಸಿದ್ದಾರೆ. ಆಯ್ಕೆ ಸಮಿತಿಯ ತೀರ್ಮಾನವೇ ಅಂತಿಮ.
ಪರಂಗಿ ಮಾದಶೆಟ್ಟಿ ನಿಧನ
ಚಾಮರಾಜನಗರ, ಡಿ.13–ತಾಲೂಕಿನ ಪರಂಗಿ ಗ್ರಾಮದ ನಿವಾಸಿ ಮಾದಶೆಟ್ಟಿ (80) ಅನಾರೋಗ್ಯದಿಂದ ಬುಧವಾರ ನಿಧನರಾದರು. ಮೃತರು ಪತ್ನಿ, ಪುತ್ರರು ಸೇರಿದಂತೆ ಅಪಾರ ಬಂಧುಮಿತ್ರರನ್ನು ಅಗಲಿದ್ದಾರೆ. ಅಂತ್ಯಕ್ರಿಯೆ ಸ್ವಗ್ರಾಮದಲ್ಲಿ ನೆರವೇರಿತು.
ಸಂತೆಮರಹಳ್ಳಿ ಚಾಮರಾಜನಗರ ಸರ್ಕಾರಿ ಹಿರಿಯ ಪ್ರಾಥಮಿಕ ಶಾಲೆಯ ವಿದ್ಯಾರ್ಥಿಗಳು ಶೈಕ್ಷಣಿಕ ಪ್ರವಾಸ ಕೈಗೊಂಡ ಸಂದರ್ಭ.
